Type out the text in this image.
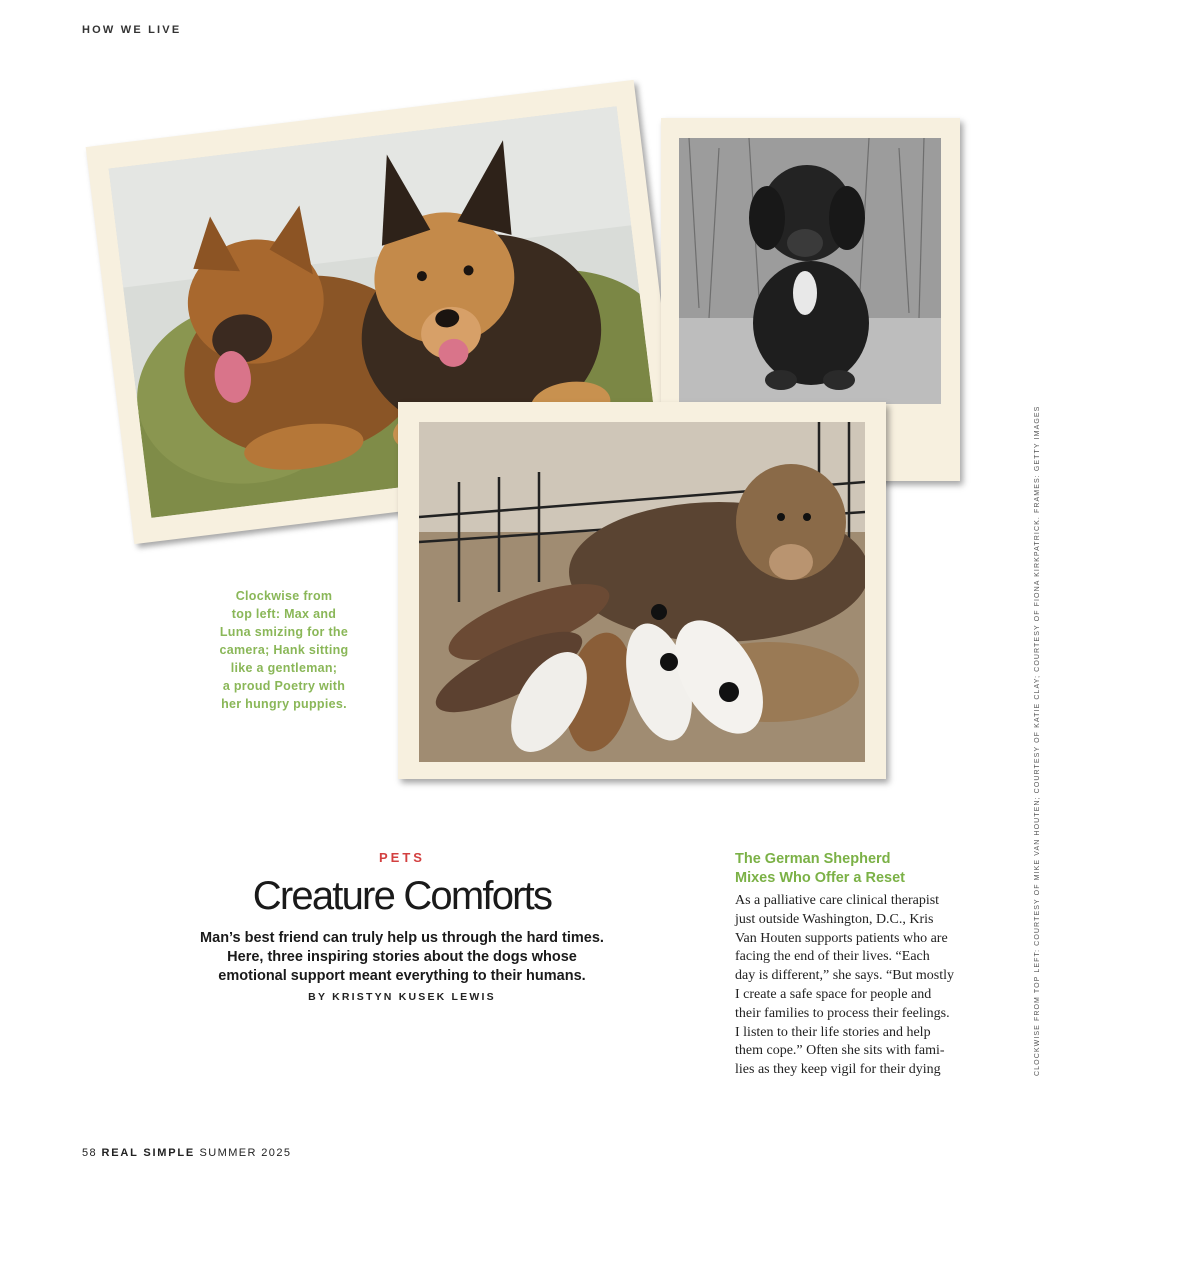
HOW WE LIVE
Clockwise from
top left: Max and
Luna smizing for the
camera; Hank sitting
like a gentleman;
a proud Poetry with
her hungry puppies.	CLOCKWISE FROM TOP LEFT: COURTESY OF MIKE VAN HOUTEN; COURTESY OF KATIE CLAY; COURTESY OF FIONA KIRKPATRICK. FRAMES: GETTY IMAGES
PETS
Creature Comforts
Man’s best friend can truly help us through the hard times.
Here, three inspiring stories about the dogs whose
emotional support meant everything to their humans.
BY KRISTYN KUSEK LEWIS
The German Shepherd
Mixes Who Offer a Reset
As a palliative care clinical therapist
just outside Washington, D.C., Kris
Van Houten supports patients who are
facing the end of their lives. “Each
day is different,” she says. “But mostly
I create a safe space for people and
their families to process their feelings.
I listen to their life stories and help
them cope.” Often she sits with fami-
lies as they keep vigil for their dying
58 REAL SIMPLE SUMMER 2025
